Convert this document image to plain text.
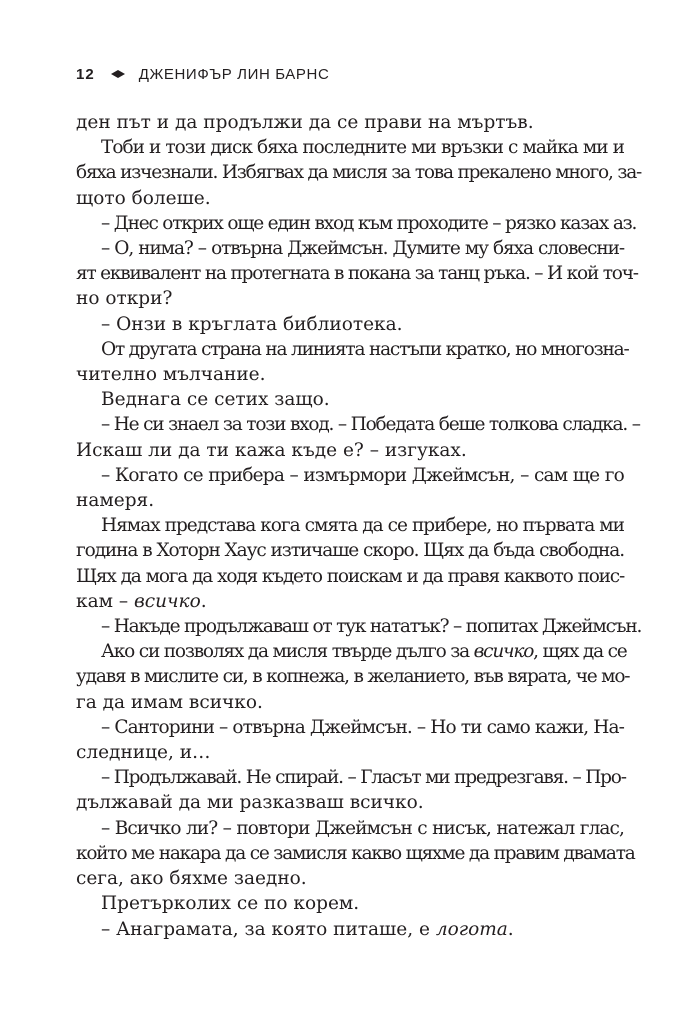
12	ДЖЕНИФЪР ЛИН БАРНС
ден път и да продължи да се прави на мъртъв.
Тоби и този диск бяха последните ми връзки с майка ми и
бяха изчезнали. Избягвах да мисля за това прекалено много, за-
щото болеше.
– Днес открих още един вход към проходите – рязко казах аз.
– О, нима? – отвърна Джеймсън. Думите му бяха словесни-
ят еквивалент на протегнатa в покана за танц ръка. – И кой точ-
но откри?
– Онзи в кръглата библиотека.
От другата страна на линията настъпи кратко, но многозна-
чително мълчание.
Веднага се сетих защо.
– Не си знаел за този вход. – Победата беше толкова сладка. –
Искаш ли да ти кажа къде е? – изгуках.
– Когато се прибера – измърмори Джеймсън, – сам ще го
намеря.
Нямах представа кога смята да се прибере, но първата ми
година в Хоторн Хаус изтичаше скоро. Щях да бъда свободна.
Щях да мога да ходя където поискам и да правя каквото поис-
кам – всичко.
– Накъде продължаваш от тук нататък? – попитах Джеймсън.
Ако си позволях да мисля твърде дълго за всичко, щях да се
удавя в мислите си, в копнежа, в желанието, във вярата, че мо-
га да имам всичко.
– Санторини – отвърна Джеймсън. – Но ти само кажи, На-
следнице, и…
– Продължавай. Не спирай. – Гласът ми предрезгавя. – Про-
дължавай да ми разказваш всичко.
– Всичко ли? – повтори Джеймсън с нисък, натежал глас,
който ме накара да се замисля какво щяхме да правим двамата
сега, ако бяхме заедно.
Претърколих се по корем.
– Анаграмата, за която питаше, е логота.
